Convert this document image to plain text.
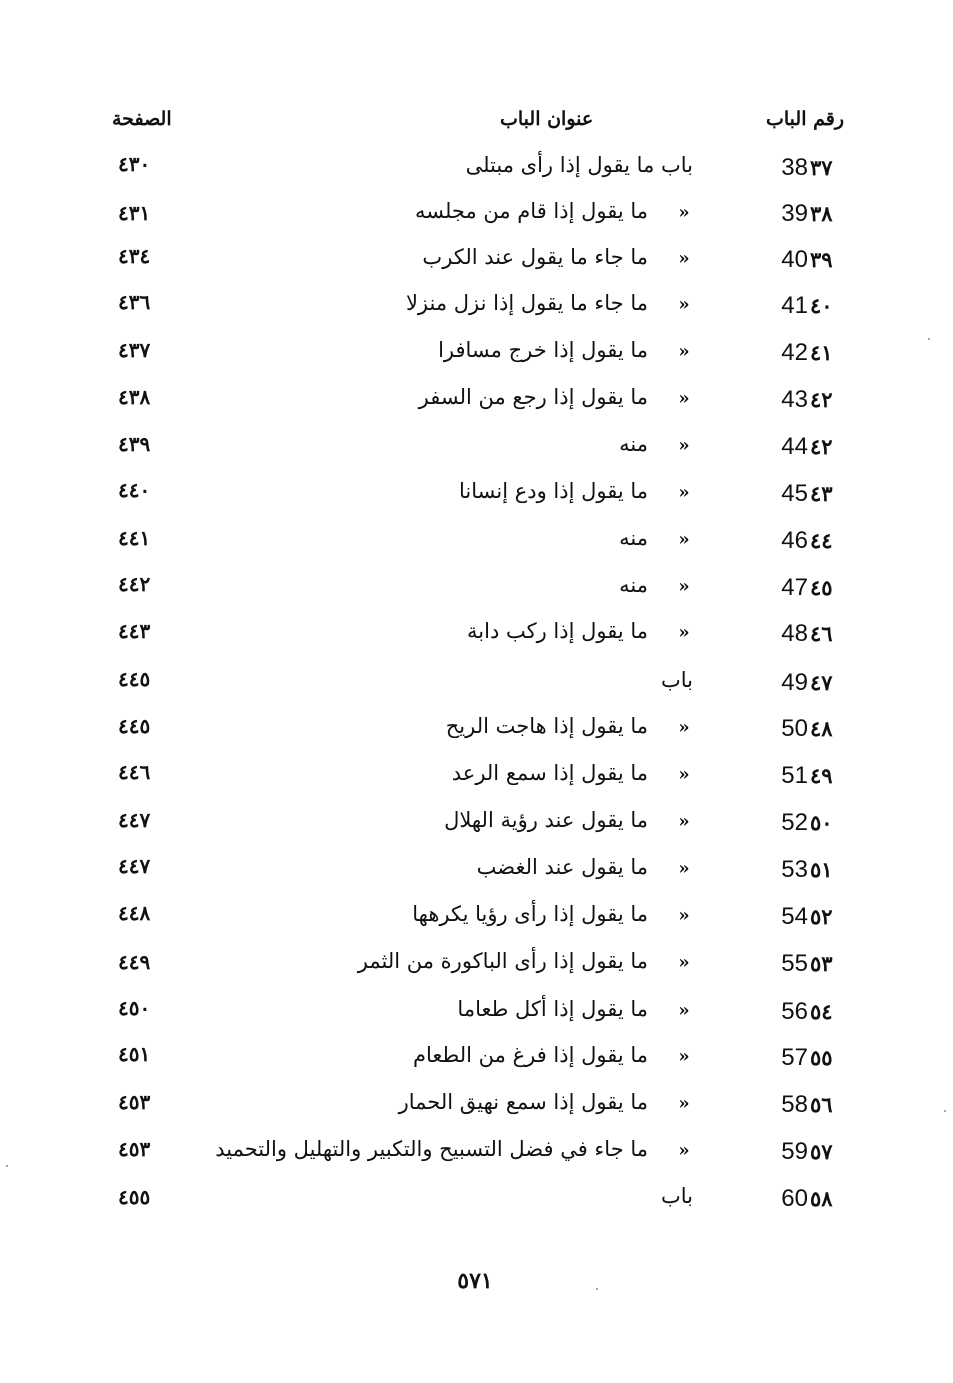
رقم الباب
عنوان الباب
الصفحة
38 ٣٧
باب ما يقول إذا رأى مبتلى
٤٣٠
39 ٣٨
»
ما يقول إذا قام من مجلسه
٤٣١
40 ٣٩
»
ما جاء ما يقول عند الكرب
٤٣٤
41 ٤٠
»
ما جاء ما يقول إذا نزل منزلا
٤٣٦
42 ٤١
»
ما يقول إذا خرج مسافرا
٤٣٧
43 ٤٢
»
ما يقول إذا رجع من السفر
٤٣٨
44 ٤٢
»
منه
٤٣٩
45 ٤٣
»
ما يقول إذا ودع إنسانا
٤٤٠
46 ٤٤
»
منه
٤٤١
47 ٤٥
»
منه
٤٤٢
48 ٤٦
»
ما يقول إذا ركب دابة
٤٤٣
49 ٤٧
باب
٤٤٥
50 ٤٨
»
ما يقول إذا هاجت الريح
٤٤٥
51 ٤٩
»
ما يقول إذا سمع الرعد
٤٤٦
52 ٥٠
»
ما يقول عند رؤية الهلال
٤٤٧
53 ٥١
»
ما يقول عند الغضب
٤٤٧
54 ٥٢
»
ما يقول إذا رأى رؤيا يكرهها
٤٤٨
55 ٥٣
»
ما يقول إذا رأى الباكورة من الثمر
٤٤٩
56 ٥٤
»
ما يقول إذا أكل طعاما
٤٥٠
57 ٥٥
»
ما يقول إذا فرغ من الطعام
٤٥١
58 ٥٦
»
ما يقول إذا سمع نهيق الحمار
٤٥٣
59 ٥٧
»
ما جاء في فضل التسبيح والتكبير والتهليل والتحميد
٤٥٣
60 ٥٨
باب
٤٥٥
٥٧١
